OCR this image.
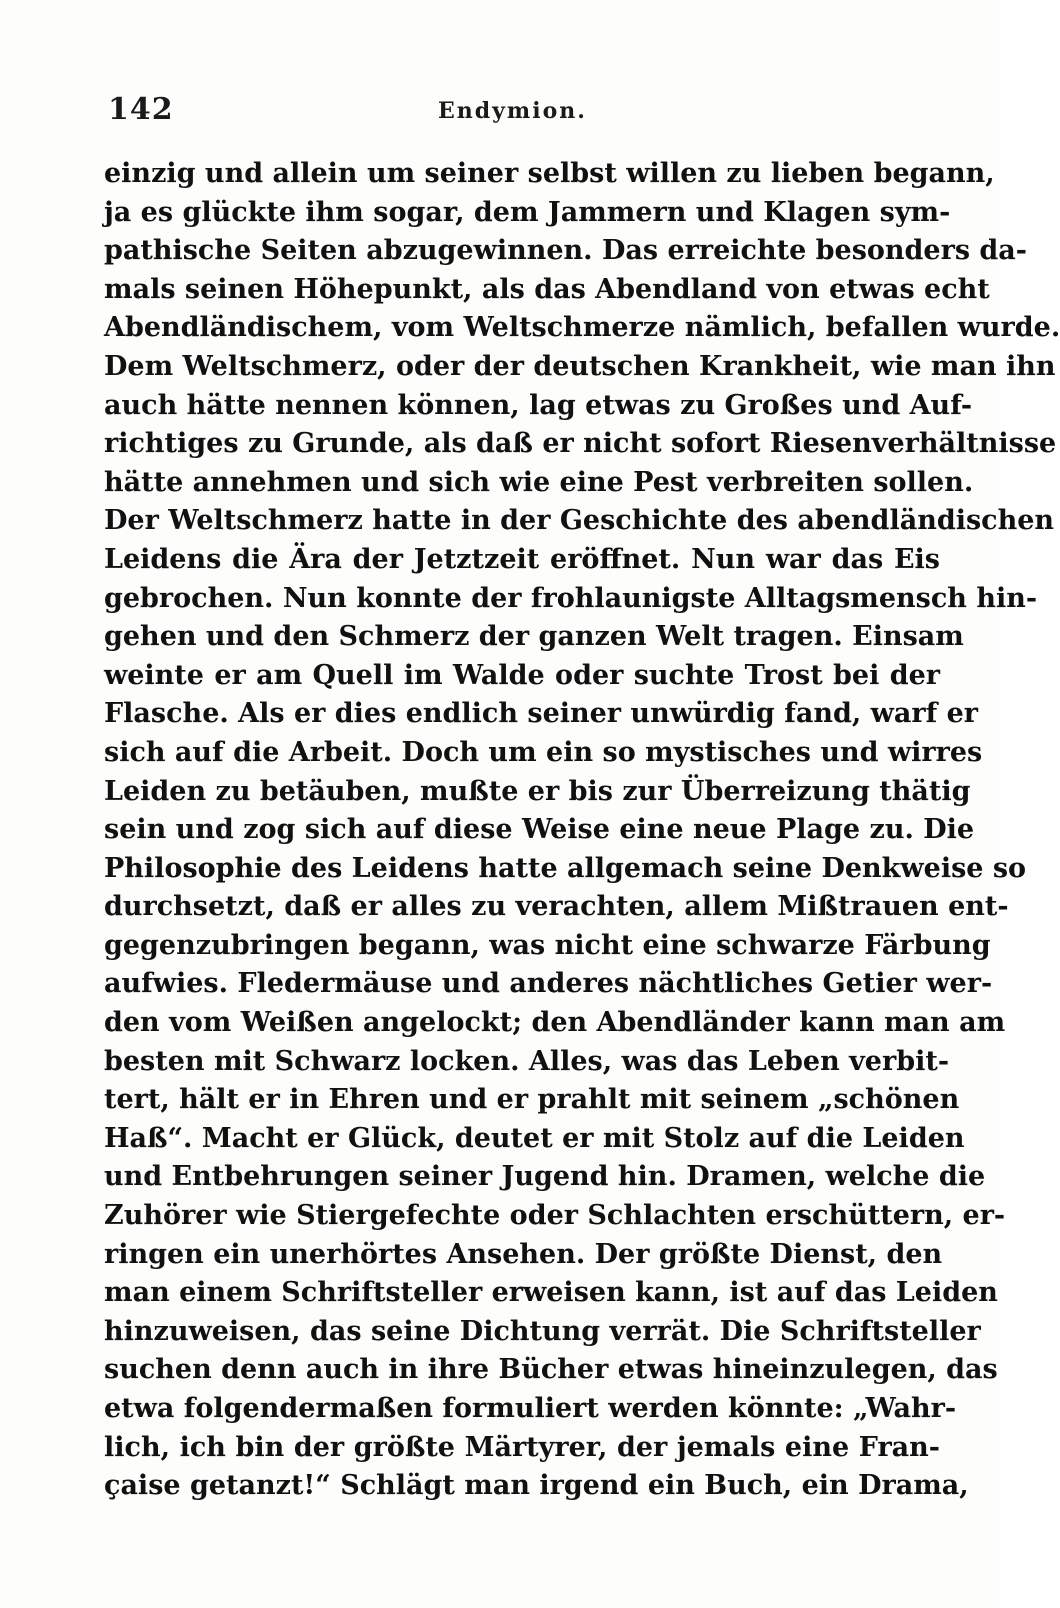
142	Endymion.
einzig und allein um seiner selbst willen zu lieben begann,
ja es glückte ihm sogar, dem Jammern und Klagen sym-
pathische Seiten abzugewinnen. Das erreichte besonders da-
mals seinen Höhepunkt, als das Abendland von etwas echt
Abendländischem, vom Weltschmerze nämlich, befallen wurde.
Dem Weltschmerz, oder der deutschen Krankheit, wie man ihn
auch hätte nennen können, lag etwas zu Großes und Auf-
richtiges zu Grunde, als daß er nicht sofort Riesenverhältnisse
hätte annehmen und sich wie eine Pest verbreiten sollen.
Der Weltschmerz hatte in der Geschichte des abendländischen
Leidens die Ära der Jetztzeit eröffnet. Nun war das Eis
gebrochen. Nun konnte der frohlaunigste Alltagsmensch hin-
gehen und den Schmerz der ganzen Welt tragen. Einsam
weinte er am Quell im Walde oder suchte Trost bei der
Flasche. Als er dies endlich seiner unwürdig fand, warf er
sich auf die Arbeit. Doch um ein so mystisches und wirres
Leiden zu betäuben, mußte er bis zur Überreizung thätig
sein und zog sich auf diese Weise eine neue Plage zu. Die
Philosophie des Leidens hatte allgemach seine Denkweise so
durchsetzt, daß er alles zu verachten, allem Mißtrauen ent-
gegenzubringen begann, was nicht eine schwarze Färbung
aufwies. Fledermäuse und anderes nächtliches Getier wer-
den vom Weißen angelockt; den Abendländer kann man am
besten mit Schwarz locken. Alles, was das Leben verbit-
tert, hält er in Ehren und er prahlt mit seinem „schönen
Haß“. Macht er Glück, deutet er mit Stolz auf die Leiden
und Entbehrungen seiner Jugend hin. Dramen, welche die
Zuhörer wie Stiergefechte oder Schlachten erschüttern, er-
ringen ein unerhörtes Ansehen. Der größte Dienst, den
man einem Schriftsteller erweisen kann, ist auf das Leiden
hinzuweisen, das seine Dichtung verrät. Die Schriftsteller
suchen denn auch in ihre Bücher etwas hineinzulegen, das
etwa folgendermaßen formuliert werden könnte: „Wahr-
lich, ich bin der größte Märtyrer, der jemals eine Fran-
çaise getanzt!“ Schlägt man irgend ein Buch, ein Drama,
